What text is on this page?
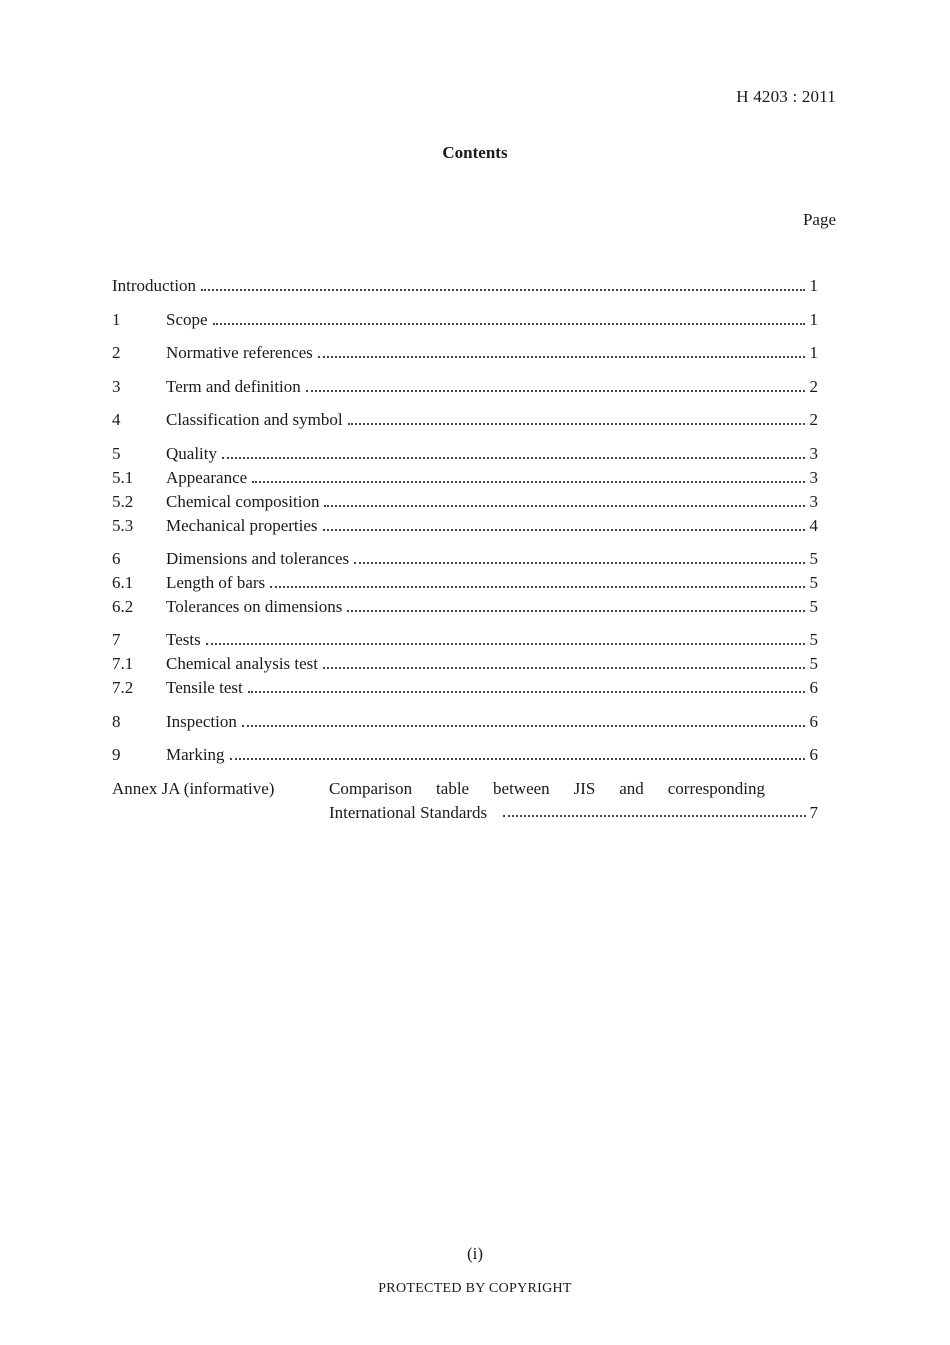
H 4203 : 2011
Contents
Page
Introduction	1
1	Scope	1
2	Normative references	1
3	Term and definition	2
4	Classification and symbol	2
5	Quality	3
5.1	Appearance	3
5.2	Chemical composition	3
5.3	Mechanical properties	4
6	Dimensions and tolerances	5
6.1	Length of bars	5
6.2	Tolerances on dimensions	5
7	Tests	5
7.1	Chemical analysis test	5
7.2	Tensile test	6
8	Inspection	6
9	Marking	6
Annex JA (informative)	Comparison table between JIS and corresponding
International Standards	7
(i)
PROTECTED BY COPYRIGHT
